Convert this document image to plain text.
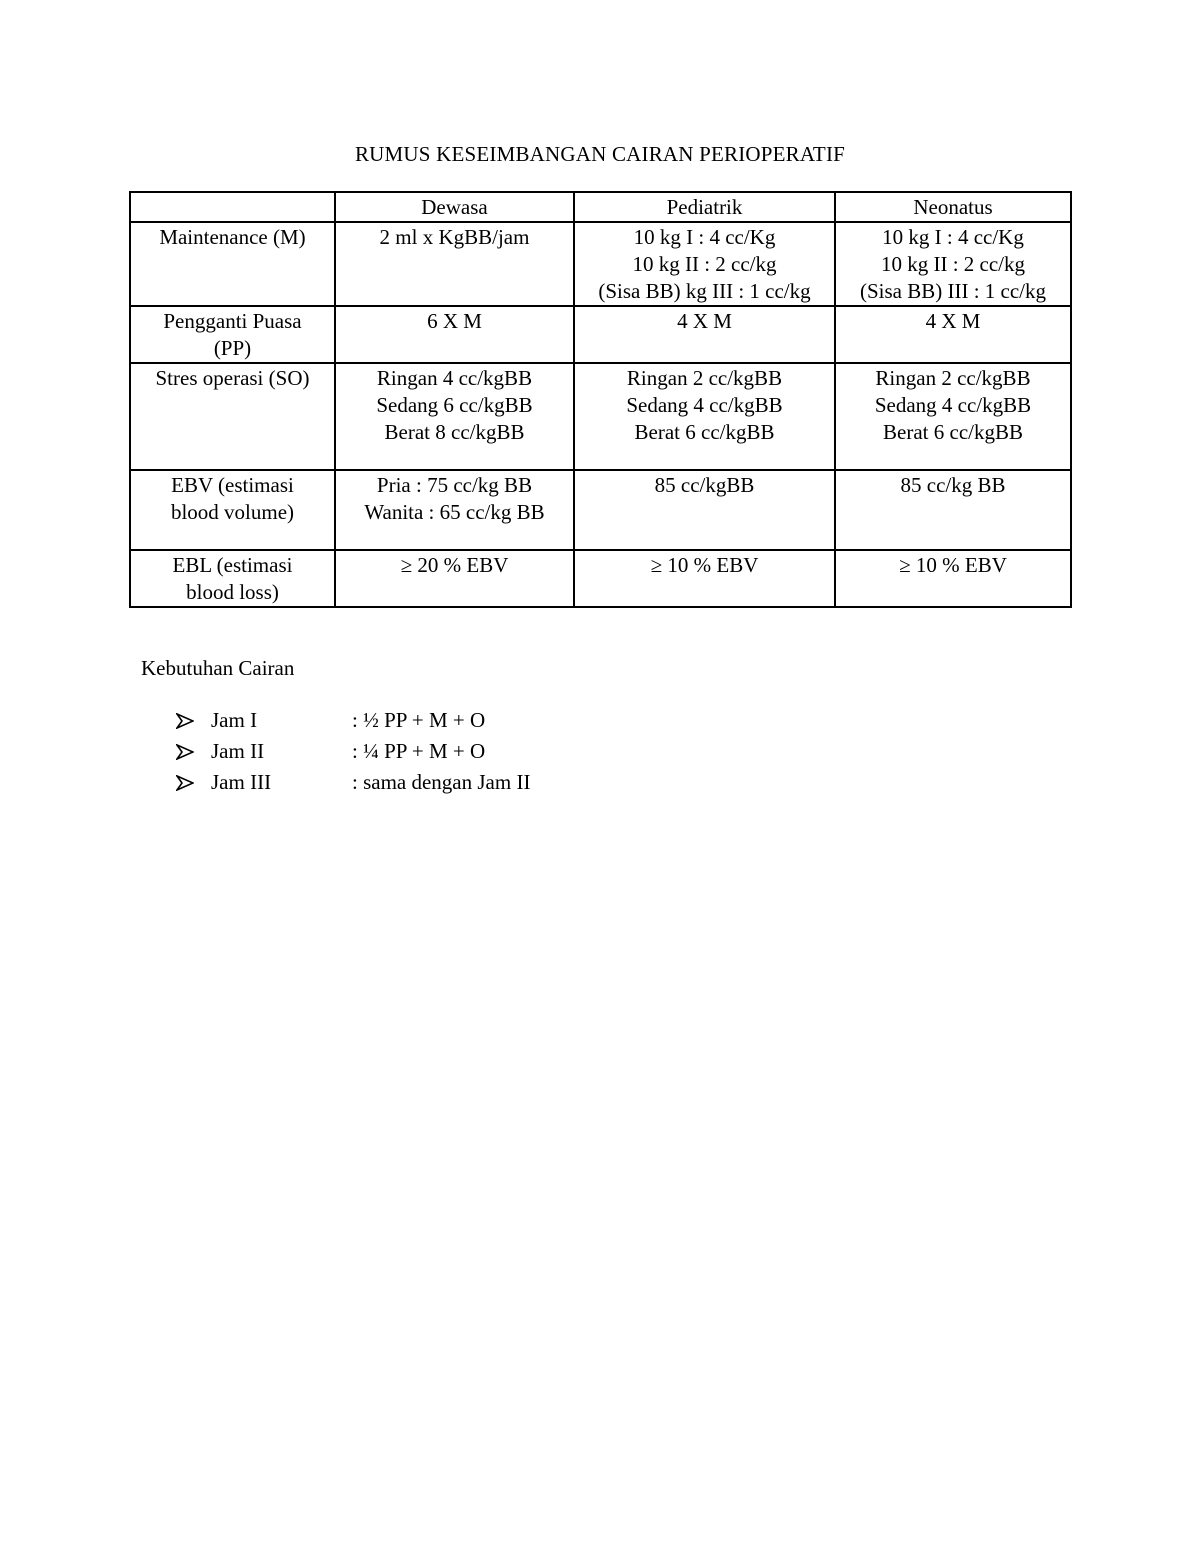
RUMUS KESEIMBANGAN CAIRAN PERIOPERATIF
	Dewasa	Pediatrik	Neonatus

Maintenance (M)	2 ml x KgBB/jam	10 kg I : 4 cc/Kg
10 kg II : 2 cc/kg
(Sisa BB) kg III : 1 cc/kg	10 kg I : 4 cc/Kg
10 kg II : 2 cc/kg
(Sisa BB) III : 1 cc/kg

Pengganti Puasa
(PP)	6 X M	4 X M	4 X M

Stres operasi (SO)	Ringan 4 cc/kgBB
Sedang 6 cc/kgBB
Berat 8 cc/kgBB	Ringan 2 cc/kgBB
Sedang 4 cc/kgBB
Berat 6 cc/kgBB	Ringan 2 cc/kgBB
Sedang 4 cc/kgBB
Berat 6 cc/kgBB

EBV (estimasi
blood volume)	Pria : 75 cc/kg BB
Wanita : 65 cc/kg BB	85 cc/kgBB	85 cc/kg BB

EBL (estimasi
blood loss)	≥ 20 % EBV	≥ 10 % EBV	≥ 10 % EBV
Kebutuhan Cairan
Jam I	: ½ PP + M + O
Jam II	: ¼ PP + M + O
Jam III	: sama dengan Jam II
